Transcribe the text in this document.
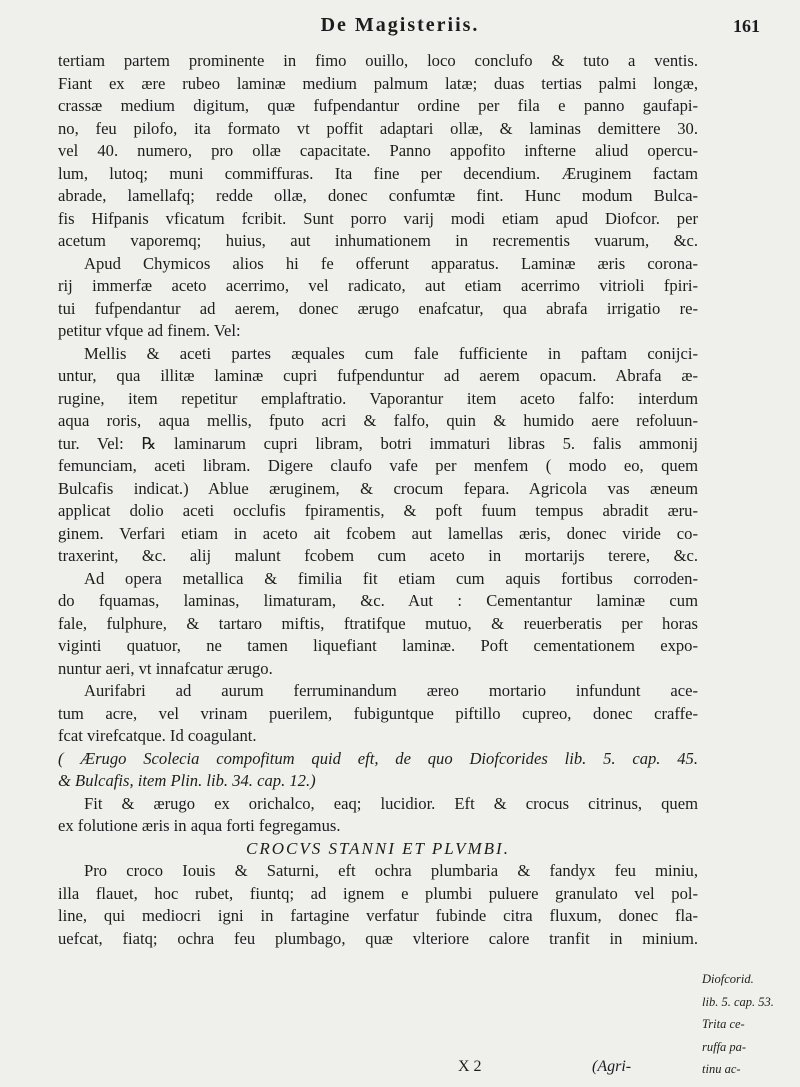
De Magisteriis.	161
tertiam partem prominente in fimo ouillo, loco conclufo & tuto a ventis.
Fiant ex ære rubeo laminæ medium palmum latæ; duas tertias palmi longæ,
crassæ medium digitum, quæ fufpendantur ordine per fila e panno gaufapi-
no, feu pilofo, ita formato vt poffit adaptari ollæ, & laminas demittere 30.
vel 40. numero, pro ollæ capacitate. Panno appofito infterne aliud opercu-
lum, lutoq; muni commiffuras. Ita fine per decendium. Æruginem factam
abrade, lamellafq; redde ollæ, donec confumtæ fint. Hunc modum Bulca-
fis Hifpanis vficatum fcribit. Sunt porro varij modi etiam apud Diofcor. per
acetum vaporemq; huius, aut inhumationem in recrementis vuarum, &c.
Apud Chymicos alios hi fe offerunt apparatus. Laminæ æris corona-
rij immerfæ aceto acerrimo, vel radicato, aut etiam acerrimo vitrioli fpiri-
tui fufpendantur ad aerem, donec ærugo enafcatur, qua abrafa irrigatio re-
petitur vfque ad finem. Vel:
Mellis & aceti partes æquales cum fale fufficiente in paftam conijci-
untur, qua illitæ laminæ cupri fufpenduntur ad aerem opacum. Abrafa æ-
rugine, item repetitur emplaftratio. Vaporantur item aceto falfo: interdum
aqua roris, aqua mellis, fputo acri & falfo, quin & humido aere refoluun-
tur. Vel: ℞ laminarum cupri libram, botri immaturi libras 5. falis ammonij
femunciam, aceti libram. Digere claufo vafe per menfem ( modo eo, quem
Bulcafis indicat.) Ablue æruginem, & crocum fepara. Agricola vas æneum
applicat dolio aceti occlufis fpiramentis, & poft fuum tempus abradit æru-
ginem. Verfari etiam in aceto ait fcobem aut lamellas æris, donec viride co-
traxerint, &c. alij malunt fcobem cum aceto in mortarijs terere, &c.
Ad opera metallica & fimilia fit etiam cum aquis fortibus corroden-
do fquamas, laminas, limaturam, &c. Aut : Cementantur laminæ cum
fale, fulphure, & tartaro miftis, ftratifque mutuo, & reuerberatis per horas
viginti quatuor, ne tamen liquefiant laminæ. Poft cementationem expo-
nuntur aeri, vt innafcatur ærugo.
Aurifabri ad aurum ferruminandum æreo mortario infundunt ace-
tum acre, vel vrinam puerilem, fubiguntque piftillo cupreo, donec craffe-
fcat virefcatque. Id coagulant.
( Ærugo Scolecia compofitum quid eft, de quo Diofcorides lib. 5. cap. 45.
& Bulcafis, item Plin. lib. 34. cap. 12.)
Fit & ærugo ex orichalco, eaq; lucidior. Eft & crocus citrinus, quem
ex folutione æris in aqua forti fegregamus.
CROCVS STANNI ET PLVMBI.
Pro croco Iouis & Saturni, eft ochra plumbaria & fandyx feu miniu,
illa flauet, hoc rubet, fiuntq; ad ignem e plumbi puluere granulato vel pol-
line, qui mediocri igni in fartagine verfatur fubinde citra fluxum, donec fla-
uefcat, fiatq; ochra feu plumbago, quæ vlteriore calore tranfit in minium.
Diofcorid.
lib. 5. cap. 53.
Trita ce-
ruffa pa-
tinu ac-
X 2	(Agri-
